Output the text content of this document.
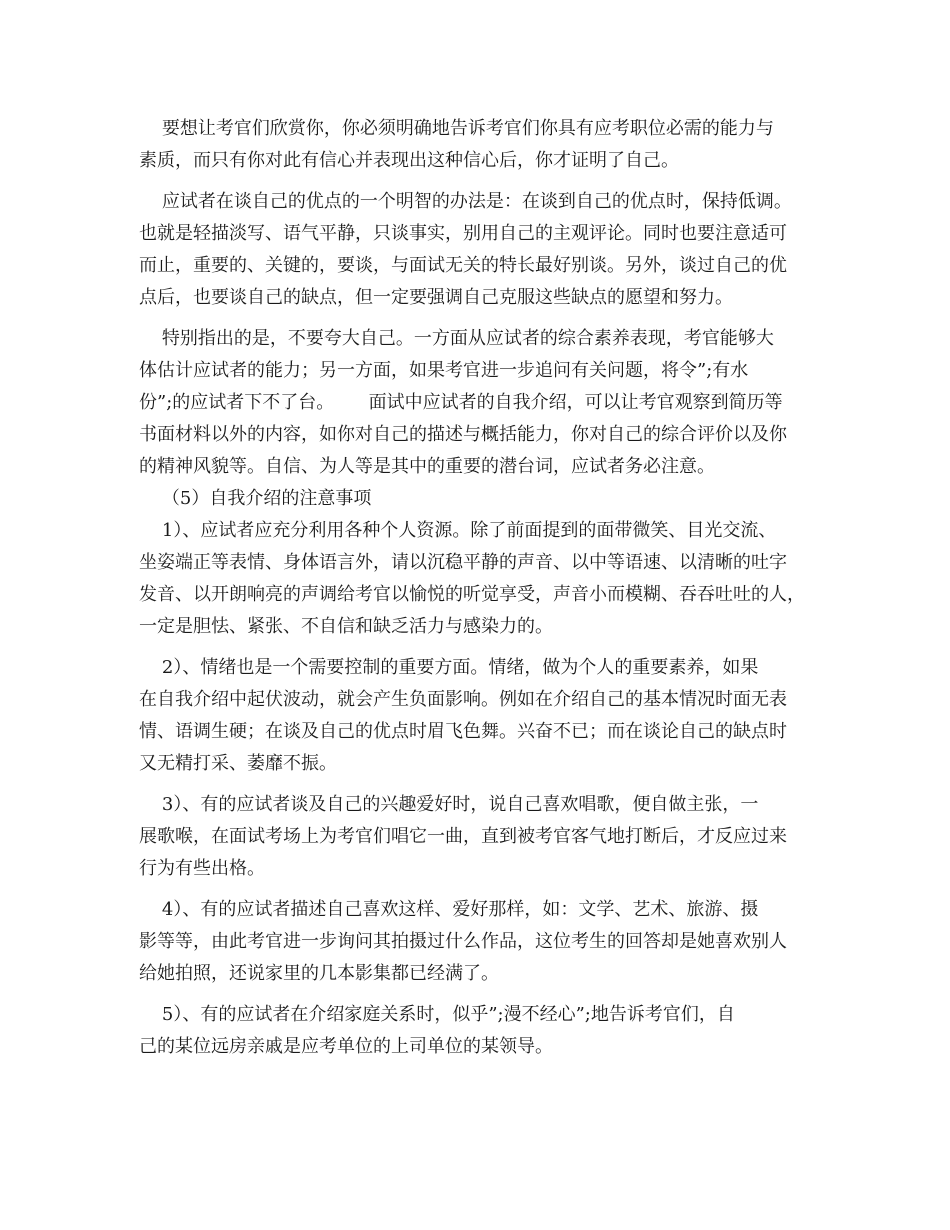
要想让考官们欣赏你，你必须明确地告诉考官们你具有应考职位必需的能力与
素质，而只有你对此有信心并表现出这种信心后，你才证明了自己。
应试者在谈自己的优点的一个明智的办法是：在谈到自己的优点时，保持低调。
也就是轻描淡写、语气平静，只谈事实，别用自己的主观评论。同时也要注意适可
而止，重要的、关键的，要谈，与面试无关的特长最好别谈。另外，谈过自己的优
点后，也要谈自己的缺点，但一定要强调自己克服这些缺点的愿望和努力。
特别指出的是，不要夸大自己。一方面从应试者的综合素养表现，考官能够大
体估计应试者的能力；另一方面，如果考官进一步追问有关问题，将令”;有水
份”;的应试者下不了台。      面试中应试者的自我介绍，可以让考官观察到简历等
书面材料以外的内容，如你对自己的描述与概括能力，你对自己的综合评价以及你
的精神风貌等。自信、为人等是其中的重要的潜台词，应试者务必注意。
（5）自我介绍的注意事项
1）、应试者应充分利用各种个人资源。除了前面提到的面带微笑、目光交流、
坐姿端正等表情、身体语言外，请以沉稳平静的声音、以中等语速、以清晰的吐字
发音、以开朗响亮的声调给考官以愉悦的听觉享受，声音小而模糊、吞吞吐吐的人，
一定是胆怯、紧张、不自信和缺乏活力与感染力的。
2）、情绪也是一个需要控制的重要方面。情绪，做为个人的重要素养，如果
在自我介绍中起伏波动，就会产生负面影响。例如在介绍自己的基本情况时面无表
情、语调生硬；在谈及自己的优点时眉飞色舞。兴奋不已；而在谈论自己的缺点时
又无精打采、萎靡不振。
3）、有的应试者谈及自己的兴趣爱好时，说自己喜欢唱歌，便自做主张，一
展歌喉，在面试考场上为考官们唱它一曲，直到被考官客气地打断后，才反应过来
行为有些出格。
4）、有的应试者描述自己喜欢这样、爱好那样，如：文学、艺术、旅游、摄
影等等，由此考官进一步询问其拍摄过什么作品，这位考生的回答却是她喜欢别人
给她拍照，还说家里的几本影集都已经满了。
5）、有的应试者在介绍家庭关系时，似乎”;漫不经心”;地告诉考官们，自
己的某位远房亲戚是应考单位的上司单位的某领导。
